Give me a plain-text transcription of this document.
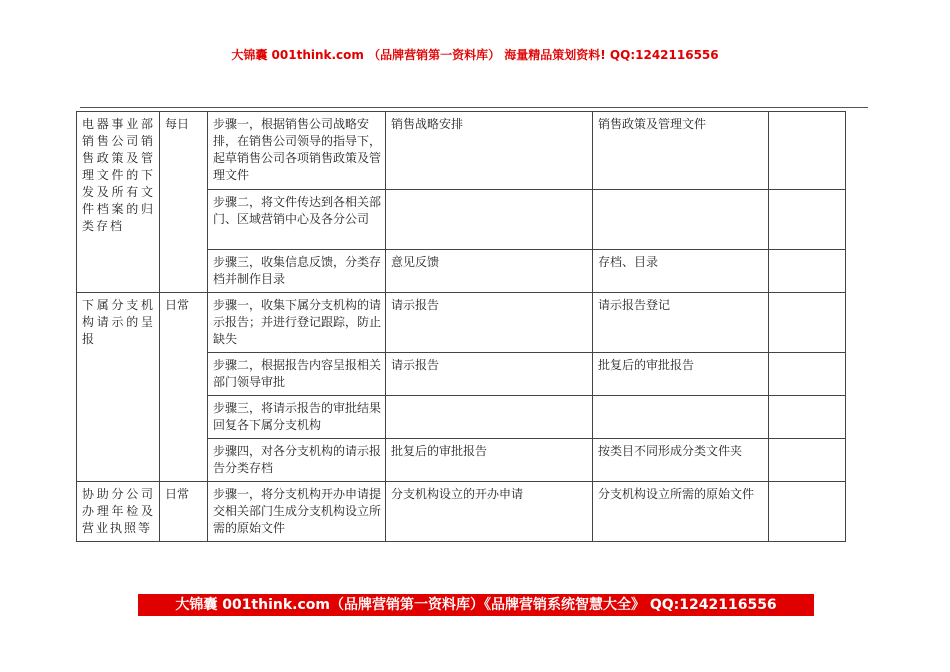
大锦囊 001think.com （品牌营销第一资料库） 海量精品策划资料! QQ:1242116556
电器事业部销售公司销售政策及管理文件的下发及所有文件档案的归类存档	每日	步骤一，根据销售公司战略安排，在销售公司领导的指导下，起草销售公司各项销售政策及管理文件	销售战略安排	销售政策及管理文件	
		步骤二，将文件传达到各相关部门、区域营销中心及各分公司			
		步骤三，收集信息反馈，分类存档并制作目录	意见反馈	存档、目录	
下属分支机构请示的呈报	日常	步骤一，收集下属分支机构的请示报告；并进行登记跟踪，防止缺失	请示报告	请示报告登记	
		步骤二，根据报告内容呈报相关部门领导审批	请示报告	批复后的审批报告	
		步骤三，将请示报告的审批结果回复各下属分支机构			
		步骤四，对各分支机构的请示报告分类存档	批复后的审批报告	按类目不同形成分类文件夹	
协助分公司办理年检及营业执照等	日常	步骤一，将分支机构开办申请提交相关部门生成分支机构设立所需的原始文件	分支机构设立的开办申请	分支机构设立所需的原始文件	
大锦囊 001think.com（品牌营销第一资料库）《品牌营销系统智慧大全》 QQ:1242116556
